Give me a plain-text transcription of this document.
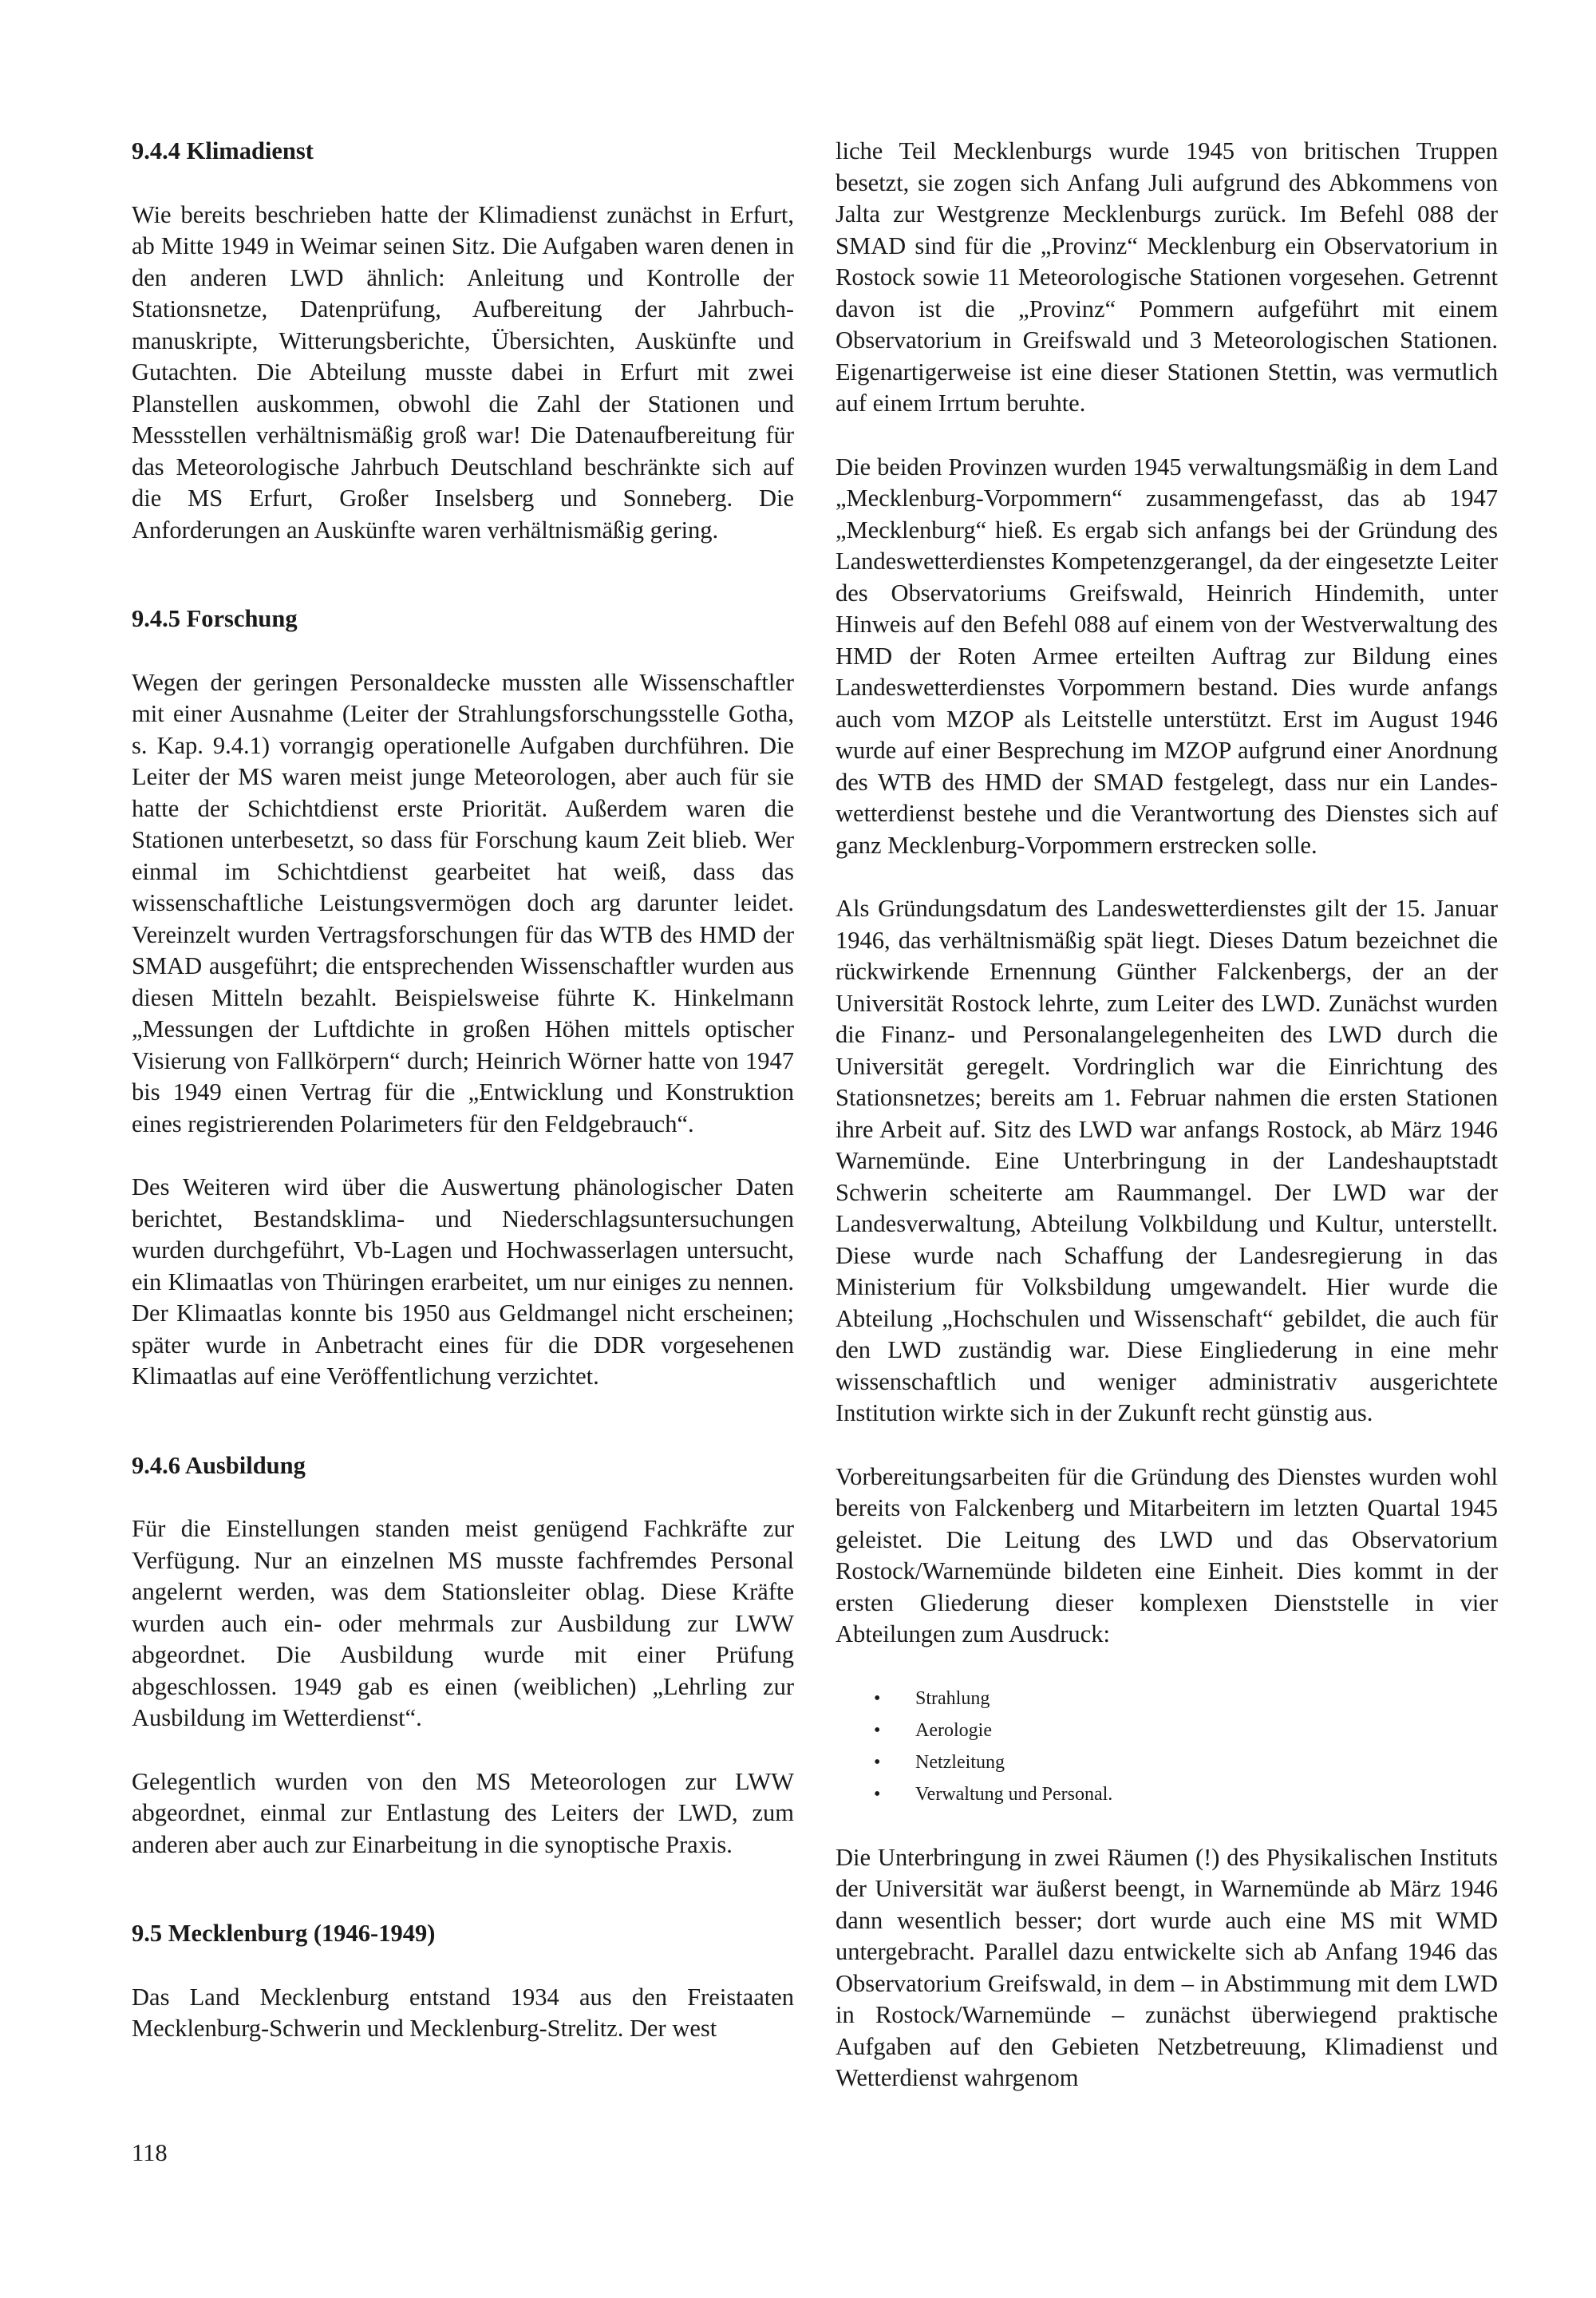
9.4.4 Klimadienst

Wie bereits beschrieben hatte der Klimadienst zunächst in Erfurt, ab Mitte 1949 in Weimar seinen Sitz. Die Aufgaben waren denen in den anderen LWD ähnlich: Anleitung und Kontrolle der Stationsnetze, Datenprüfung, Aufbereitung der Jahrbuchmanuskripte, Witterungsberichte, Übersichten, Auskünfte und Gutachten. Die Abteilung musste dabei in Erfurt mit zwei Planstellen auskommen, obwohl die Zahl der Stationen und Messstellen verhältnismäßig groß war! Die Datenaufbereitung für das Meteorologische Jahrbuch Deutschland beschränkte sich auf die MS Erfurt, Großer Inselsberg und Sonneberg. Die Anforderungen an Auskünfte waren verhältnismäßig gering.

9.4.5 Forschung

Wegen der geringen Personaldecke mussten alle Wissenschaftler mit einer Ausnahme (Leiter der Strahlungsforschungsstelle Gotha, s. Kap. 9.4.1) vorrangig operationelle Aufgaben durchführen. Die Leiter der MS waren meist junge Meteorologen, aber auch für sie hatte der Schichtdienst erste Priorität. Außerdem waren die Stationen unterbesetzt, so dass für Forschung kaum Zeit blieb. Wer einmal im Schichtdienst gearbeitet hat weiß, dass das wissenschaftliche Leistungsvermögen doch arg darunter leidet. Vereinzelt wurden Vertragsforschungen für das WTB des HMD der SMAD ausgeführt; die entsprechenden Wissenschaftler wurden aus diesen Mitteln bezahlt. Beispielsweise führte K. Hinkelmann „Messungen der Luftdichte in großen Höhen mittels optischer Visierung von Fallkörpern“ durch; Heinrich Wörner hatte von 1947 bis 1949 einen Vertrag für die „Entwicklung und Konstruktion eines registrierenden Polarimeters für den Feldgebrauch“.

Des Weiteren wird über die Auswertung phänologischer Daten berichtet, Bestandsklima- und Niederschlagsuntersuchungen wurden durchgeführt, Vb-Lagen und Hochwasserlagen untersucht, ein Klimaatlas von Thüringen erarbeitet, um nur einiges zu nennen. Der Klimaatlas konnte bis 1950 aus Geldmangel nicht erscheinen; später wurde in Anbetracht eines für die DDR vorgesehenen Klimaatlas auf eine Veröffentlichung verzichtet.

9.4.6 Ausbildung

Für die Einstellungen standen meist genügend Fachkräfte zur Verfügung. Nur an einzelnen MS musste fachfremdes Personal angelernt werden, was dem Stationsleiter oblag. Diese Kräfte wurden auch ein- oder mehrmals zur Ausbildung zur LWW abgeordnet. Die Ausbildung wurde mit einer Prüfung abgeschlossen. 1949 gab es einen (weiblichen) „Lehrling zur Ausbildung im Wetterdienst“.

Gelegentlich wurden von den MS Meteorologen zur LWW abgeordnet, einmal zur Entlastung des Leiters der LWD, zum anderen aber auch zur Einarbeitung in die synoptische Praxis.

9.5 Mecklenburg (1946-1949)

Das Land Mecklenburg entstand 1934 aus den Freistaaten Mecklenburg-Schwerin und Mecklenburg-Strelitz. Der west

liche Teil Mecklenburgs wurde 1945 von britischen Truppen besetzt, sie zogen sich Anfang Juli aufgrund des Abkommens von Jalta zur Westgrenze Mecklenburgs zurück. Im Befehl 088 der SMAD sind für die „Provinz“ Mecklenburg ein Observatorium in Rostock sowie 11 Meteorologische Stationen vorgesehen. Getrennt davon ist die „Provinz“ Pommern aufgeführt mit einem Observatorium in Greifswald und 3 Meteorologischen Stationen. Eigenartigerweise ist eine dieser Stationen Stettin, was vermutlich auf einem Irrtum beruhte.

Die beiden Provinzen wurden 1945 verwaltungsmäßig in dem Land „Mecklenburg-Vorpommern“ zusammengefasst, das ab 1947 „Mecklenburg“ hieß. Es ergab sich anfangs bei der Gründung des Landeswetterdienstes Kompetenzgerangel, da der eingesetzte Leiter des Observatoriums Greifswald, Heinrich Hindemith, unter Hinweis auf den Befehl 088 auf einem von der Westverwaltung des HMD der Roten Armee erteilten Auftrag zur Bildung eines Landeswetterdienstes Vorpommern bestand. Dies wurde anfangs auch vom MZOP als Leitstelle unterstützt. Erst im August 1946 wurde auf einer Besprechung im MZOP aufgrund einer Anordnung des WTB des HMD der SMAD festgelegt, dass nur ein Landeswetterdienst bestehe und die Verantwortung des Dienstes sich auf ganz Mecklenburg-Vorpommern erstrecken solle.

Als Gründungsdatum des Landeswetterdienstes gilt der 15. Januar 1946, das verhältnismäßig spät liegt. Dieses Datum bezeichnet die rückwirkende Ernennung Günther Falckenbergs, der an der Universität Rostock lehrte, zum Leiter des LWD. Zunächst wurden die Finanz- und Personalangelegenheiten des LWD durch die Universität geregelt. Vordringlich war die Einrichtung des Stationsnetzes; bereits am 1. Februar nahmen die ersten Stationen ihre Arbeit auf. Sitz des LWD war anfangs Rostock, ab März 1946 Warnemünde. Eine Unterbringung in der Landeshauptstadt Schwerin scheiterte am Raummangel. Der LWD war der Landesverwaltung, Abteilung Volkbildung und Kultur, unterstellt. Diese wurde nach Schaffung der Landesregierung in das Ministerium für Volksbildung umgewandelt. Hier wurde die Abteilung „Hochschulen und Wissenschaft“ gebildet, die auch für den LWD zuständig war. Diese Eingliederung in eine mehr wissenschaftlich und weniger administrativ ausgerichtete Institution wirkte sich in der Zukunft recht günstig aus.

Vorbereitungsarbeiten für die Gründung des Dienstes wurden wohl bereits von Falckenberg und Mitarbeitern im letzten Quartal 1945 geleistet. Die Leitung des LWD und das Observatorium Rostock/Warnemünde bildeten eine Einheit. Dies kommt in der ersten Gliederung dieser komplexen Dienststelle in vier Abteilungen zum Ausdruck:

• Strahlung
• Aerologie
• Netzleitung
• Verwaltung und Personal.

Die Unterbringung in zwei Räumen (!) des Physikalischen Instituts der Universität war äußerst beengt, in Warnemünde ab März 1946 dann wesentlich besser; dort wurde auch eine MS mit WMD untergebracht. Parallel dazu entwickelte sich ab Anfang 1946 das Observatorium Greifswald, in dem – in Abstimmung mit dem LWD in Rostock/Warnemünde – zunächst überwiegend praktische Aufgaben auf den Gebieten Netzbetreuung, Klimadienst und Wetterdienst wahrgenom

118
